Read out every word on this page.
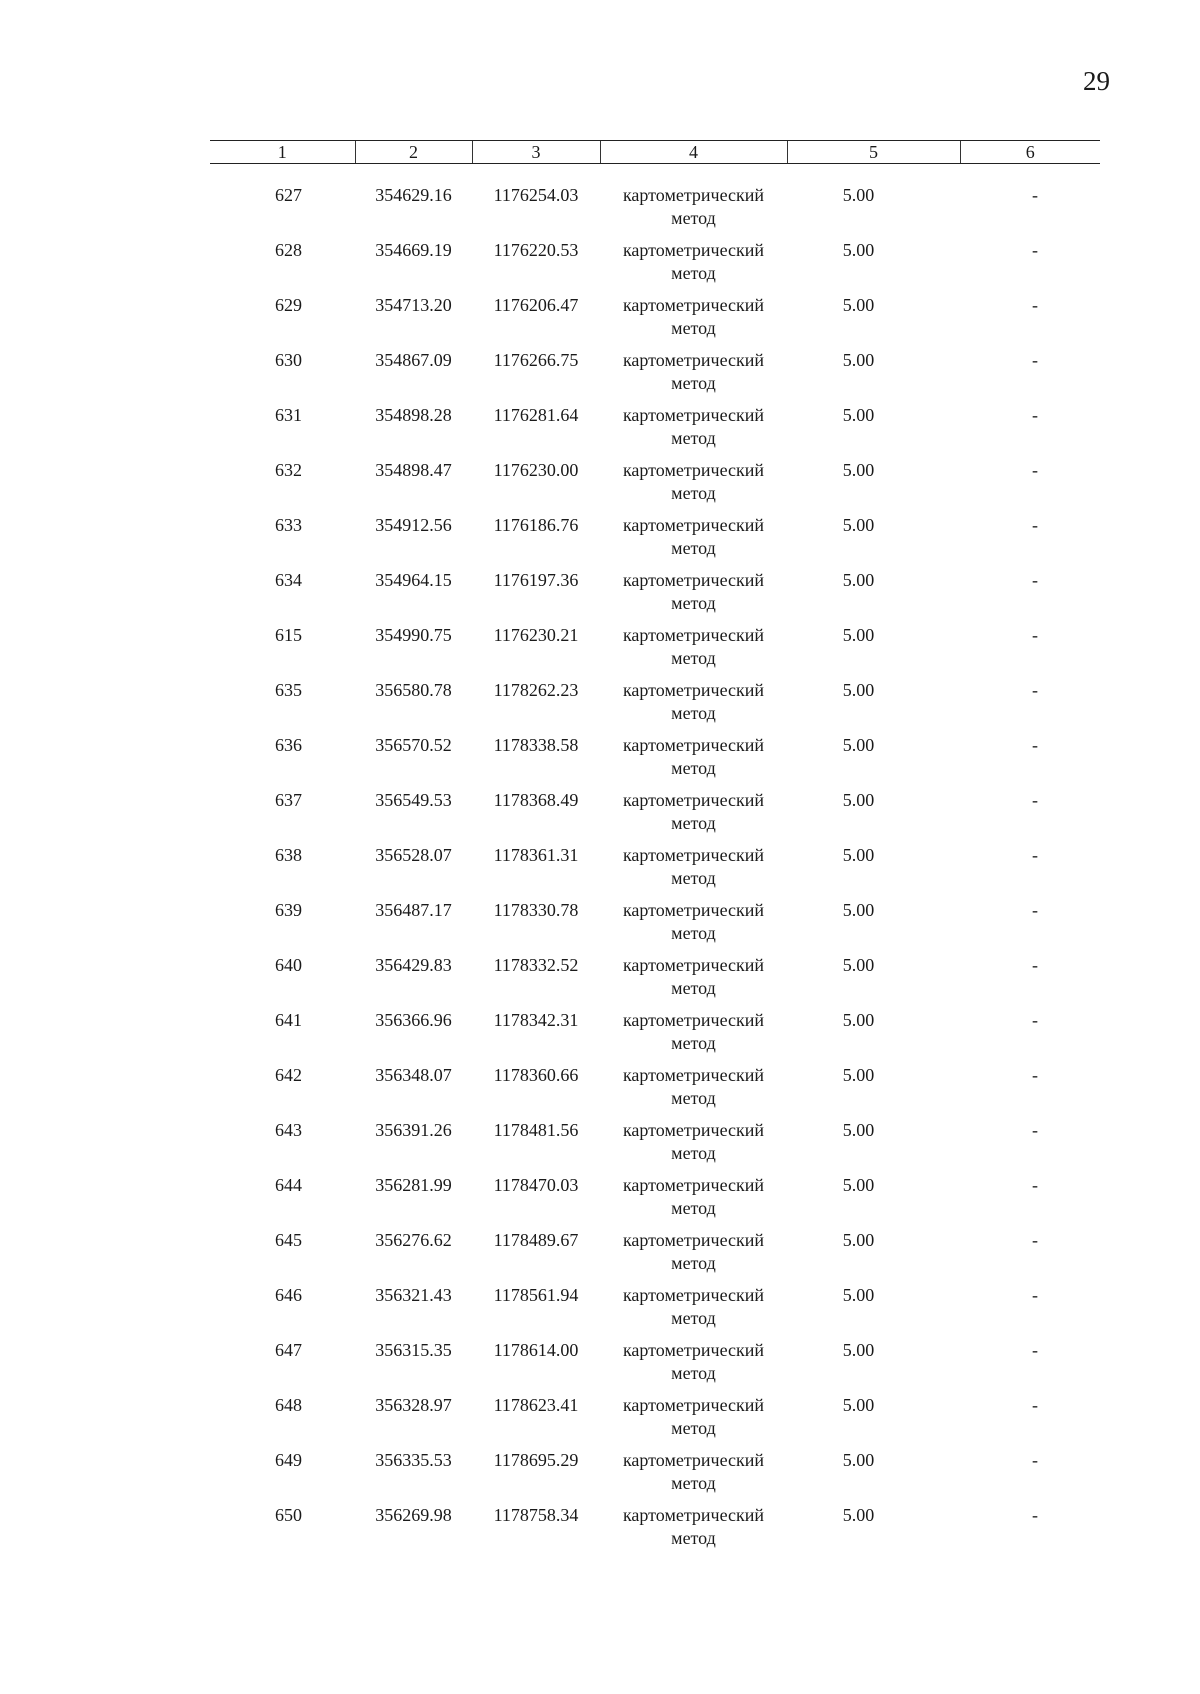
29
1	2	3	4	5	6

627	354629.16	1176254.03	картометрический
метод	5.00	-
628	354669.19	1176220.53	картометрический
метод	5.00	-
629	354713.20	1176206.47	картометрический
метод	5.00	-
630	354867.09	1176266.75	картометрический
метод	5.00	-
631	354898.28	1176281.64	картометрический
метод	5.00	-
632	354898.47	1176230.00	картометрический
метод	5.00	-
633	354912.56	1176186.76	картометрический
метод	5.00	-
634	354964.15	1176197.36	картометрический
метод	5.00	-
615	354990.75	1176230.21	картометрический
метод	5.00	-
635	356580.78	1178262.23	картометрический
метод	5.00	-
636	356570.52	1178338.58	картометрический
метод	5.00	-
637	356549.53	1178368.49	картометрический
метод	5.00	-
638	356528.07	1178361.31	картометрический
метод	5.00	-
639	356487.17	1178330.78	картометрический
метод	5.00	-
640	356429.83	1178332.52	картометрический
метод	5.00	-
641	356366.96	1178342.31	картометрический
метод	5.00	-
642	356348.07	1178360.66	картометрический
метод	5.00	-
643	356391.26	1178481.56	картометрический
метод	5.00	-
644	356281.99	1178470.03	картометрический
метод	5.00	-
645	356276.62	1178489.67	картометрический
метод	5.00	-
646	356321.43	1178561.94	картометрический
метод	5.00	-
647	356315.35	1178614.00	картометрический
метод	5.00	-
648	356328.97	1178623.41	картометрический
метод	5.00	-
649	356335.53	1178695.29	картометрический
метод	5.00	-
650	356269.98	1178758.34	картометрический
метод	5.00	-
